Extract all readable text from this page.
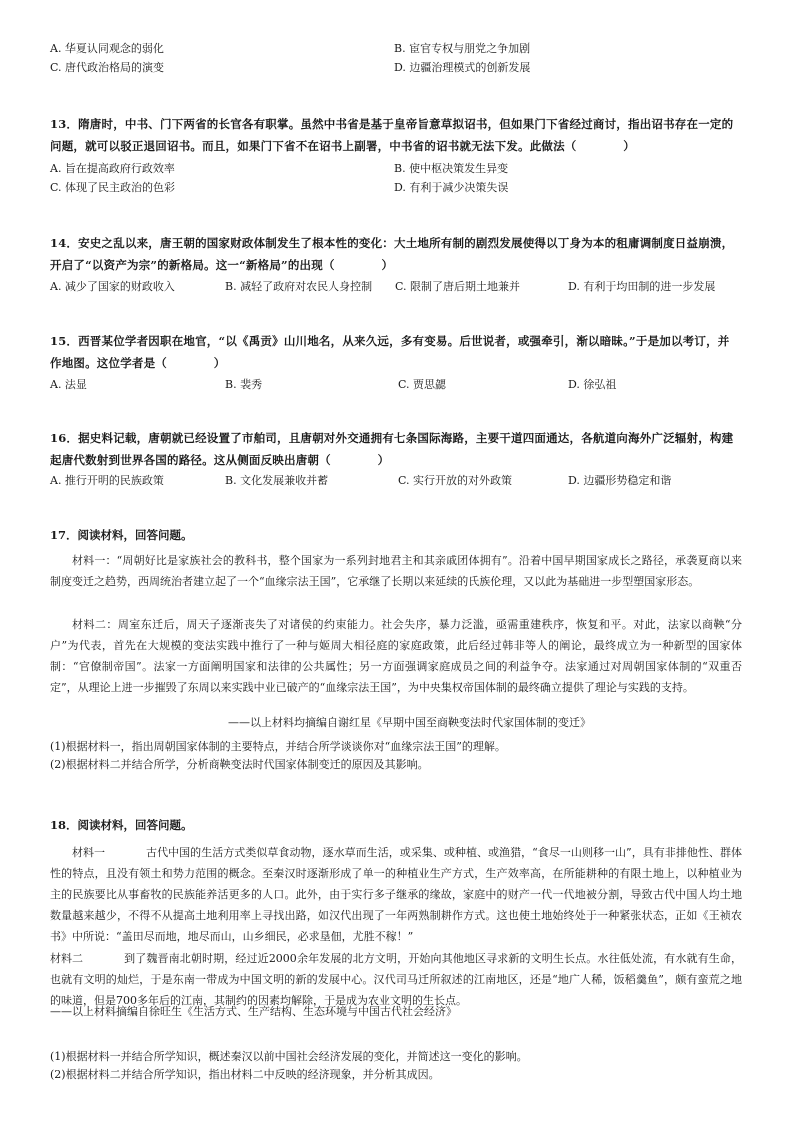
A. 华夏认同观念的弱化	B. 宦官专权与朋党之争加剧
C. 唐代政治格局的演变	D. 边疆治理模式的创新发展
13．隋唐时，中书、门下两省的长官各有职掌。虽然中书省是基于皇帝旨意草拟诏书，但如果门下省经过商讨，指出诏书存在一定的问题，就可以驳正退回诏书。而且，如果门下省不在诏书上副署，中书省的诏书就无法下发。此做法（　　　　）
A. 旨在提高政府行政效率	B. 使中枢决策发生异变
C. 体现了民主政治的色彩	D. 有利于减少决策失误
14．安史之乱以来，唐王朝的国家财政体制发生了根本性的变化：大土地所有制的剧烈发展使得以丁身为本的租庸调制度日益崩溃，开启了“以资产为宗”的新格局。这一“新格局”的出现（　　　　）
A. 减少了国家的财政收入	B. 减轻了政府对农民人身控制 C. 限制了唐后期土地兼并	D. 有利于均田制的进一步发展
15．西晋某位学者因职在地官，“以《禹贡》山川地名，从来久远，多有变易。后世说者，或强牵引，渐以暗昧。”于是加以考订，并作地图。这位学者是（　　　　）
A. 法显	B. 裴秀	C. 贾思勰	D. 徐弘祖
16．据史料记载，唐朝就已经设置了市舶司，且唐朝对外交通拥有七条国际海路，主要干道四面通达，各航道向海外广泛辐射，构建起唐代数射到世界各国的路径。这从侧面反映出唐朝（　　　　）
A. 推行开明的民族政策	B. 文化发展兼收并蓄	C. 实行开放的对外政策	D. 边疆形势稳定和谐
17．阅读材料，回答问题。
材料一：“周朝好比是家族社会的教科书，整个国家为一系列封地君主和其亲戚团体拥有”。沿着中国早期国家成长之路径，承袭夏商以来制度变迁之趋势，西周统治者建立起了一个“血缘宗法王国”，它承继了长期以来延续的氏族伦理，又以此为基础进一步型塑国家形态。
材料二：周室东迁后，周天子逐渐丧失了对诸侯的约束能力。社会失序，暴力泛滥，亟需重建秩序，恢复和平。对此，法家以商鞅“分户”为代表，首先在大规模的变法实践中推行了一种与姬周大相径庭的家庭政策，此后经过韩非等人的阐论，最终成立为一种新型的国家体制：“官僚制帝国”。法家一方面阐明国家和法律的公共属性；另一方面强调家庭成员之间的利益争夺。法家通过对周朝国家体制的“双重否定”，从理论上进一步摧毁了东周以来实践中业已破产的“血缘宗法王国”，为中央集权帝国体制的最终确立提供了理论与实践的支持。
——以上材料均摘编自谢红星《早期中国至商鞅变法时代家国体制的变迁》
(1)根据材料一，指出周朝国家体制的主要特点，并结合所学谈谈你对“血缘宗法王国”的理解。
(2)根据材料二并结合所学，分析商鞅变法时代国家体制变迁的原因及其影响。
18．阅读材料，回答问题。
材料一	古代中国的生活方式类似草食动物，逐水草而生活，或采集、或种植、或渔猎，“食尽一山则移一山”，具有非排他性、群体性的特点，且没有领土和势力范围的概念。至秦汉时逐渐形成了单一的种植业生产方式，生产效率高，在所能耕种的有限土地上，以种植业为主的民族要比从事畜牧的民族能养活更多的人口。此外，由于实行多子继承的缘故，家庭中的财产一代一代地被分割，导致古代中国人均土地数量越来越少，不得不从提高土地利用率上寻找出路，如汉代出现了一年两熟制耕作方式。这也使土地始终处于一种紧张状态，正如《王祯农书》中所说：“盖田尽而地，地尽而山，山乡细民，必求垦佃，尤胜不稼！”
材料二	到了魏晋南北朝时期，经过近2000余年发展的北方文明，开始向其他地区寻求新的文明生长点。水往低处流，有水就有生命，也就有文明的灿烂，于是东南一带成为中国文明的新的发展中心。汉代司马迁所叙述的江南地区，还是“地广人稀，饭稻羹鱼”，颇有蛮荒之地的味道，但是700多年后的江南，其制约的因素均解除，于是成为农业文明的生长点。
——以上材料摘编自徐旺生《生活方式、生产结构、生态环境与中国古代社会经济》
(1)根据材料一并结合所学知识，概述秦汉以前中国社会经济发展的变化，并简述这一变化的影响。
(2)根据材料二并结合所学知识，指出材料二中反映的经济现象，并分析其成因。
